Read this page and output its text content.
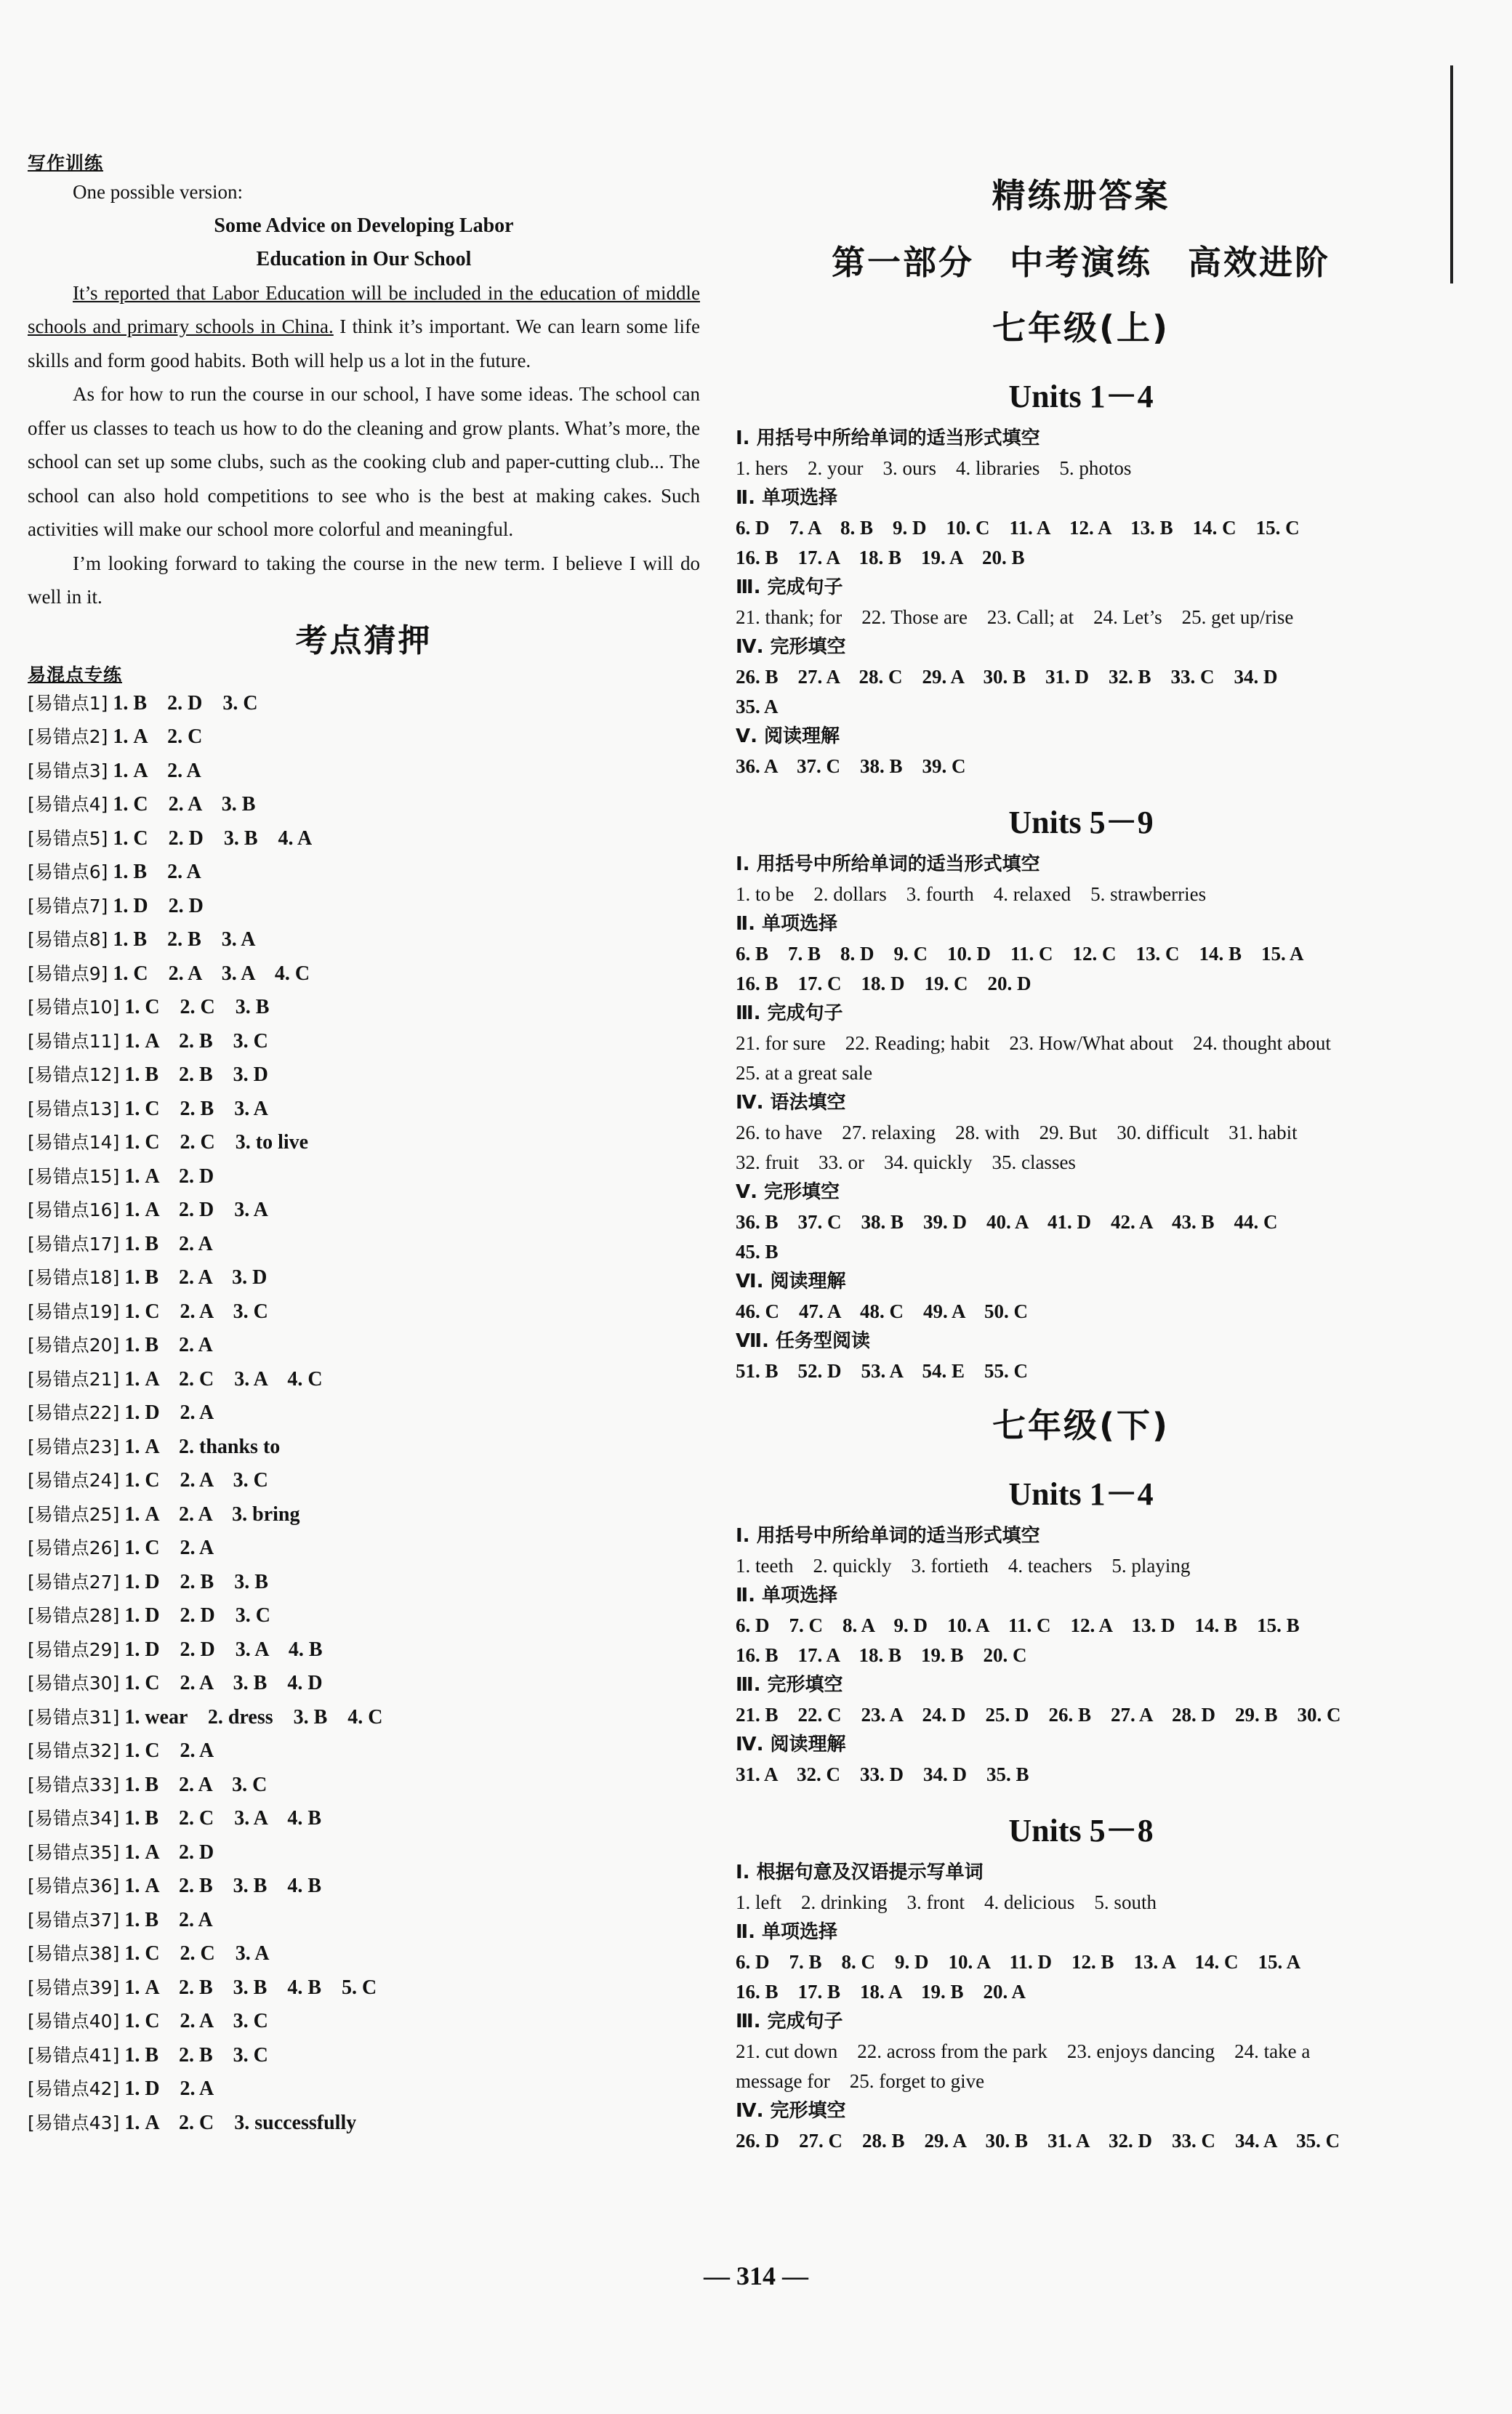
写作训练

One possible version:

Some Advice on Developing Labor

Education in Our School

It’s reported that Labor Education will be included in the education of middle schools and primary schools in China. I think it’s important. We can learn some life skills and form good habits. Both will help us a lot in the future.

As for how to run the course in our school, I have some ideas. The school can offer us classes to teach us how to do the cleaning and grow plants. What’s more, the school can set up some clubs, such as the cooking club and paper-cutting club... The school can also hold competitions to see who is the best at making cakes. Such activities will make our school more colorful and meaningful.

I’m looking forward to taking the course in the new term. I believe I will do well in it.

考点猜押
易混点专练
[易错点1] 1. B　2. D　3. C
[易错点2] 1. A　2. C
[易错点3] 1. A　2. A
[易错点4] 1. C　2. A　3. B
[易错点5] 1. C　2. D　3. B　4. A
[易错点6] 1. B　2. A
[易错点7] 1. D　2. D
[易错点8] 1. B　2. B　3. A
[易错点9] 1. C　2. A　3. A　4. C
[易错点10] 1. C　2. C　3. B
[易错点11] 1. A　2. B　3. C
[易错点12] 1. B　2. B　3. D
[易错点13] 1. C　2. B　3. A
[易错点14] 1. C　2. C　3. to live
[易错点15] 1. A　2. D
[易错点16] 1. A　2. D　3. A
[易错点17] 1. B　2. A
[易错点18] 1. B　2. A　3. D
[易错点19] 1. C　2. A　3. C
[易错点20] 1. B　2. A
[易错点21] 1. A　2. C　3. A　4. C
[易错点22] 1. D　2. A
[易错点23] 1. A　2. thanks to
[易错点24] 1. C　2. A　3. C
[易错点25] 1. A　2. A　3. bring
[易错点26] 1. C　2. A
[易错点27] 1. D　2. B　3. B
[易错点28] 1. D　2. D　3. C
[易错点29] 1. D　2. D　3. A　4. B
[易错点30] 1. C　2. A　3. B　4. D
[易错点31] 1. wear　2. dress　3. B　4. C
[易错点32] 1. C　2. A
[易错点33] 1. B　2. A　3. C
[易错点34] 1. B　2. C　3. A　4. B
[易错点35] 1. A　2. D
[易错点36] 1. A　2. B　3. B　4. B
[易错点37] 1. B　2. A
[易错点38] 1. C　2. C　3. A
[易错点39] 1. A　2. B　3. B　4. B　5. C
[易错点40] 1. C　2. A　3. C
[易错点41] 1. B　2. B　3. C
[易错点42] 1. D　2. A
[易错点43] 1. A　2. C　3. successfully
精练册答案
第一部分　中考演练　高效进阶
七年级(上)
Units 1－4
Ⅰ. 用括号中所给单词的适当形式填空
1. hers　2. your　3. ours　4. libraries　5. photos
Ⅱ. 单项选择
6. D　7. A　8. B　9. D　10. C　11. A　12. A　13. B　14. C　15. C
16. B　17. A　18. B　19. A　20. B
Ⅲ. 完成句子
21. thank; for　22. Those are　23. Call; at　24. Let’s　25. get up/rise
Ⅳ. 完形填空
26. B　27. A　28. C　29. A　30. B　31. D　32. B　33. C　34. D
35. A
Ⅴ. 阅读理解
36. A　37. C　38. B　39. C
Units 5－9
Ⅰ. 用括号中所给单词的适当形式填空
1. to be　2. dollars　3. fourth　4. relaxed　5. strawberries
Ⅱ. 单项选择
6. B　7. B　8. D　9. C　10. D　11. C　12. C　13. C　14. B　15. A
16. B　17. C　18. D　19. C　20. D
Ⅲ. 完成句子
21. for sure　22. Reading; habit　23. How/What about　24. thought about
25. at a great sale
Ⅳ. 语法填空
26. to have　27. relaxing　28. with　29. But　30. difficult　31. habit
32. fruit　33. or　34. quickly　35. classes
Ⅴ. 完形填空
36. B　37. C　38. B　39. D　40. A　41. D　42. A　43. B　44. C
45. B
Ⅵ. 阅读理解
46. C　47. A　48. C　49. A　50. C
Ⅶ. 任务型阅读
51. B　52. D　53. A　54. E　55. C
七年级(下)
Units 1－4
Ⅰ. 用括号中所给单词的适当形式填空
1. teeth　2. quickly　3. fortieth　4. teachers　5. playing
Ⅱ. 单项选择
6. D　7. C　8. A　9. D　10. A　11. C　12. A　13. D　14. B　15. B
16. B　17. A　18. B　19. B　20. C
Ⅲ. 完形填空
21. B　22. C　23. A　24. D　25. D　26. B　27. A　28. D　29. B　30. C
Ⅳ. 阅读理解
31. A　32. C　33. D　34. D　35. B
Units 5－8
Ⅰ. 根据句意及汉语提示写单词
1. left　2. drinking　3. front　4. delicious　5. south
Ⅱ. 单项选择
6. D　7. B　8. C　9. D　10. A　11. D　12. B　13. A　14. C　15. A
16. B　17. B　18. A　19. B　20. A
Ⅲ. 完成句子
21. cut down　22. across from the park　23. enjoys dancing　24. take a
message for　25. forget to give
Ⅳ. 完形填空
26. D　27. C　28. B　29. A　30. B　31. A　32. D　33. C　34. A　35. C
— 314 —
